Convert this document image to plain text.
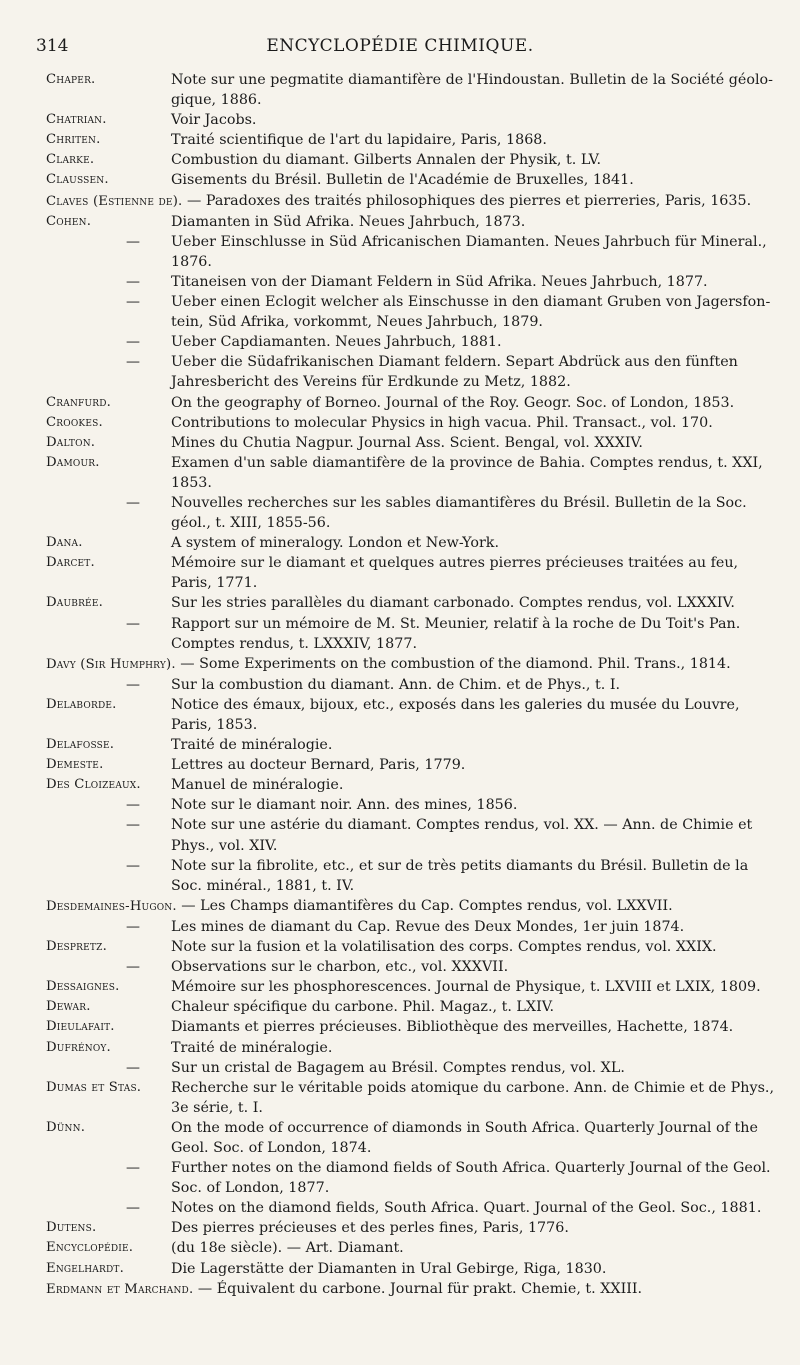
314	ENCYCLOPÉDIE CHIMIQUE.
Chaper.	Note sur une pegmatite diamantifère de l'Hindoustan. Bulletin de la Société géolo-gique, 1886.
Chatrian.	Voir Jacobs.
Chriten.	Traité scientifique de l'art du lapidaire, Paris, 1868.
Clarke.	Combustion du diamant. Gilberts Annalen der Physik, t. LV.
Claussen.	Gisements du Brésil. Bulletin de l'Académie de Bruxelles, 1841.
Claves (Estienne de). — Paradoxes des traités philosophiques des pierres et pierreries, Paris, 1635.
Cohen.	Diamanten in Süd Afrika. Neues Jahrbuch, 1873.
— Ueber Einschlusse in Süd Africanischen Diamanten. Neues Jahrbuch für Mineral., 1876.
— Titaneisen von der Diamant Feldern in Süd Afrika. Neues Jahrbuch, 1877.
— Ueber einen Eclogit welcher als Einschusse in den diamant Gruben von Jagersfon-tein, Süd Afrika, vorkommt, Neues Jahrbuch, 1879.
— Ueber Capdiamanten. Neues Jahrbuch, 1881.
— Ueber die Südafrikanischen Diamant feldern. Separt Abdrück aus den fünften Jahresbericht des Vereins für Erdkunde zu Metz, 1882.
Cranfurd.	On the geography of Borneo. Journal of the Roy. Geogr. Soc. of London, 1853.
Crookes.	Contributions to molecular Physics in high vacua. Phil. Transact., vol. 170.
Dalton.	Mines du Chutia Nagpur. Journal Ass. Scient. Bengal, vol. XXXIV.
Damour.	Examen d'un sable diamantifère de la province de Bahia. Comptes rendus, t. XXI, 1853.
— Nouvelles recherches sur les sables diamantifères du Brésil. Bulletin de la Soc. géol., t. XIII, 1855-56.
Dana.	A system of mineralogy. London et New-York.
Darcet.	Mémoire sur le diamant et quelques autres pierres précieuses traitées au feu, Paris, 1771.
Daubrée.	Sur les stries parallèles du diamant carbonado. Comptes rendus, vol. LXXXIV.
— Rapport sur un mémoire de M. St. Meunier, relatif à la roche de Du Toit's Pan. Comptes rendus, t. LXXXIV, 1877.
Davy (Sir Humphry). — Some Experiments on the combustion of the diamond. Phil. Trans., 1814.
— Sur la combustion du diamant. Ann. de Chim. et de Phys., t. I.
Delaborde.	Notice des émaux, bijoux, etc., exposés dans les galeries du musée du Louvre, Paris, 1853.
Delafosse.	Traité de minéralogie.
Demeste.	Lettres au docteur Bernard, Paris, 1779.
Des Cloizeaux. Manuel de minéralogie.
— Note sur le diamant noir. Ann. des mines, 1856.
— Note sur une astérie du diamant. Comptes rendus, vol. XX. — Ann. de Chimie et Phys., vol. XIV.
— Note sur la fibrolite, etc., et sur de très petits diamants du Brésil. Bulletin de la Soc. minéral., 1881, t. IV.
Desdemaines-Hugon. — Les Champs diamantifères du Cap. Comptes rendus, vol. LXXVII.
— Les mines de diamant du Cap. Revue des Deux Mondes, 1er juin 1874.
Despretz.	Note sur la fusion et la volatilisation des corps. Comptes rendus, vol. XXIX.
— Observations sur le charbon, etc., vol. XXXVII.
Dessaignes.	Mémoire sur les phosphorescences. Journal de Physique, t. LXVIII et LXIX, 1809.
Dewar.	Chaleur spécifique du carbone. Phil. Magaz., t. LXIV.
Dieulafait.	Diamants et pierres précieuses. Bibliothèque des merveilles, Hachette, 1874.
Dufrénoy.	Traité de minéralogie.
— Sur un cristal de Bagagem au Brésil. Comptes rendus, vol. XL.
Dumas et Stas. Recherche sur le véritable poids atomique du carbone. Ann. de Chimie et de Phys., 3e série, t. I.
Dünn.	On the mode of occurrence of diamonds in South Africa. Quarterly Journal of the Geol. Soc. of London, 1874.
— Further notes on the diamond fields of South Africa. Quarterly Journal of the Geol. Soc. of London, 1877.
— Notes on the diamond fields, South Africa. Quart. Journal of the Geol. Soc., 1881.
Dutens.	Des pierres précieuses et des perles fines, Paris, 1776.
Encyclopédie.	(du 18e siècle). — Art. Diamant.
Engelhardt.	Die Lagerstätte der Diamanten in Ural Gebirge, Riga, 1830.
Erdmann et Marchand. — Équivalent du carbone. Journal für prakt. Chemie, t. XXIII.
